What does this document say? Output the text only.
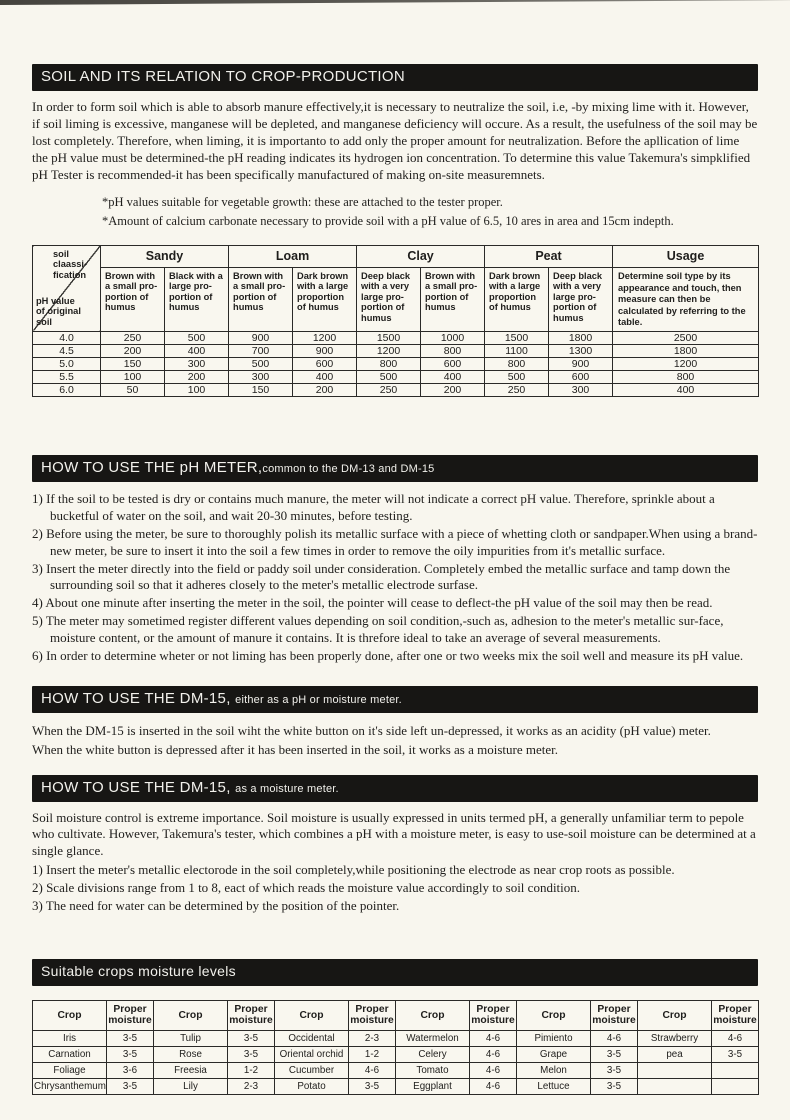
SOIL AND ITS RELATION TO CROP-PRODUCTION

In order to form soil which is able to absorb manure effectively,it is necessary to neutralize the soil, i.e, -by mixing lime with it. However, if soil liming is excessive, manganese will be depleted, and manganese deficiency will occure. As a result, the usefulness of the soil may be lost completely. Therefore, when liming, it is importanto to add only the proper amount for neutralization. Before the apllication of lime the pH value must be determined-the pH reading indicates its hydrogen ion concentration. To determine this value Takemura's simpklified pH Tester is recommended-it has been specifically manufactured of making on-site measuremnets.

*pH values suitable for vegetable growth: these are attached to the tester proper.
*Amount of calcium carbonate necessary to provide soil with a pH value of 6.5, 10 ares in area and 15cm indepth.
soil claassi-fication
pH value of original soil	Sandy		Loam		Clay		Peat		Usage
	Brown with a small pro-portion of humus	Black with a large pro-portion of humus	Brown with a small pro-portion of humus	Dark brown with a large proportion of humus	Deep black with a very large pro-portion of humus	Brown with a small pro-portion of humus	Dark brown with a large proportion of humus	Deep black with a very large pro-portion of humus	Determine soil type by its appearance and touch, then measure can then be calculated by referring to the table.
4.0	250	500	900	1200	1500	1000	1500	1800	2500
4.5	200	400	700	900	1200	800	1100	1300	1800
5.0	150	300	500	600	800	600	800	900	1200
5.5	100	200	300	400	500	400	500	600	800
6.0	50	100	150	200	250	200	250	300	400
HOW TO USE THE pH METER,common to the DM-13 and DM-15
1) If the soil to be tested is dry or contains much manure, the meter will not indicate a correct pH value. Therefore, sprinkle about a bucketful of water on the soil, and wait 20-30 minutes, before testing.
2) Before using the meter, be sure to thoroughly polish its metallic surface with a piece of whetting cloth or sandpaper.When using a brand-new meter, be sure to insert it into the soil a few times in order to remove the oily impurities from it's metallic surface.
3) Insert the meter directly into the field or paddy soil under consideration. Completely embed the metallic surface and tamp down the surrounding soil so that it adheres closely to the meter's metallic electrode surfase.
4) About one minute after inserting the meter in the soil, the pointer will cease to deflect-the pH value of the soil may then be read.
5) The meter may sometimed register different values depending on soil condition,-such as, adhesion to the meter's metallic sur-face, moisture content, or the amount of manure it contains. It is threfore ideal to take an average of several measurements.
6) In order to determine wheter or not liming has been properly done, after one or two weeks mix the soil well and measure its pH value.
HOW TO USE THE DM-15, either as a pH or moisture meter.
When the DM-15 is inserted in the soil wiht the white button on it's side left un-depressed, it works as an acidity (pH value) meter.
When the white button is depressed after it has been inserted in the soil, it works as a moisture meter.
HOW TO USE THE DM-15, as a moisture meter.

Soil moisture control is extreme importance. Soil moisture is usually expressed in units termed pH, a generally unfamiliar term to pepole who cultivate. However, Takemura's tester, which combines a pH with a moisture meter, is easy to use-soil moisture can be determined at a single glance.

1) Insert the meter's metallic electorode in the soil completely,while positioning the electrode as near crop roots as possible.
2) Scale divisions range from 1 to 8, eact of which reads the moisture value accordingly to soil condition.
3) The need for water can be determined by the position of the pointer.
Suitable crops moisture levels
Crop	Proper moisture	Crop	Proper moisture	Crop	Proper moisture	Crop	Proper moisture	Crop	Proper moisture	Crop	Proper moisture
Iris	3-5	Tulip	3-5	Occidental	2-3	Watermelon	4-6	Pimiento	4-6	Strawberry	4-6
Carnation	3-5	Rose	3-5	Oriental orchid	1-2	Celery	4-6	Grape	3-5	pea	3-5
Foliage	3-6	Freesia	1-2	Cucumber	4-6	Tomato	4-6	Melon	3-5		
Chrysanthemum	3-5	Lily	2-3	Potato	3-5	Eggplant	4-6	Lettuce	3-5		
